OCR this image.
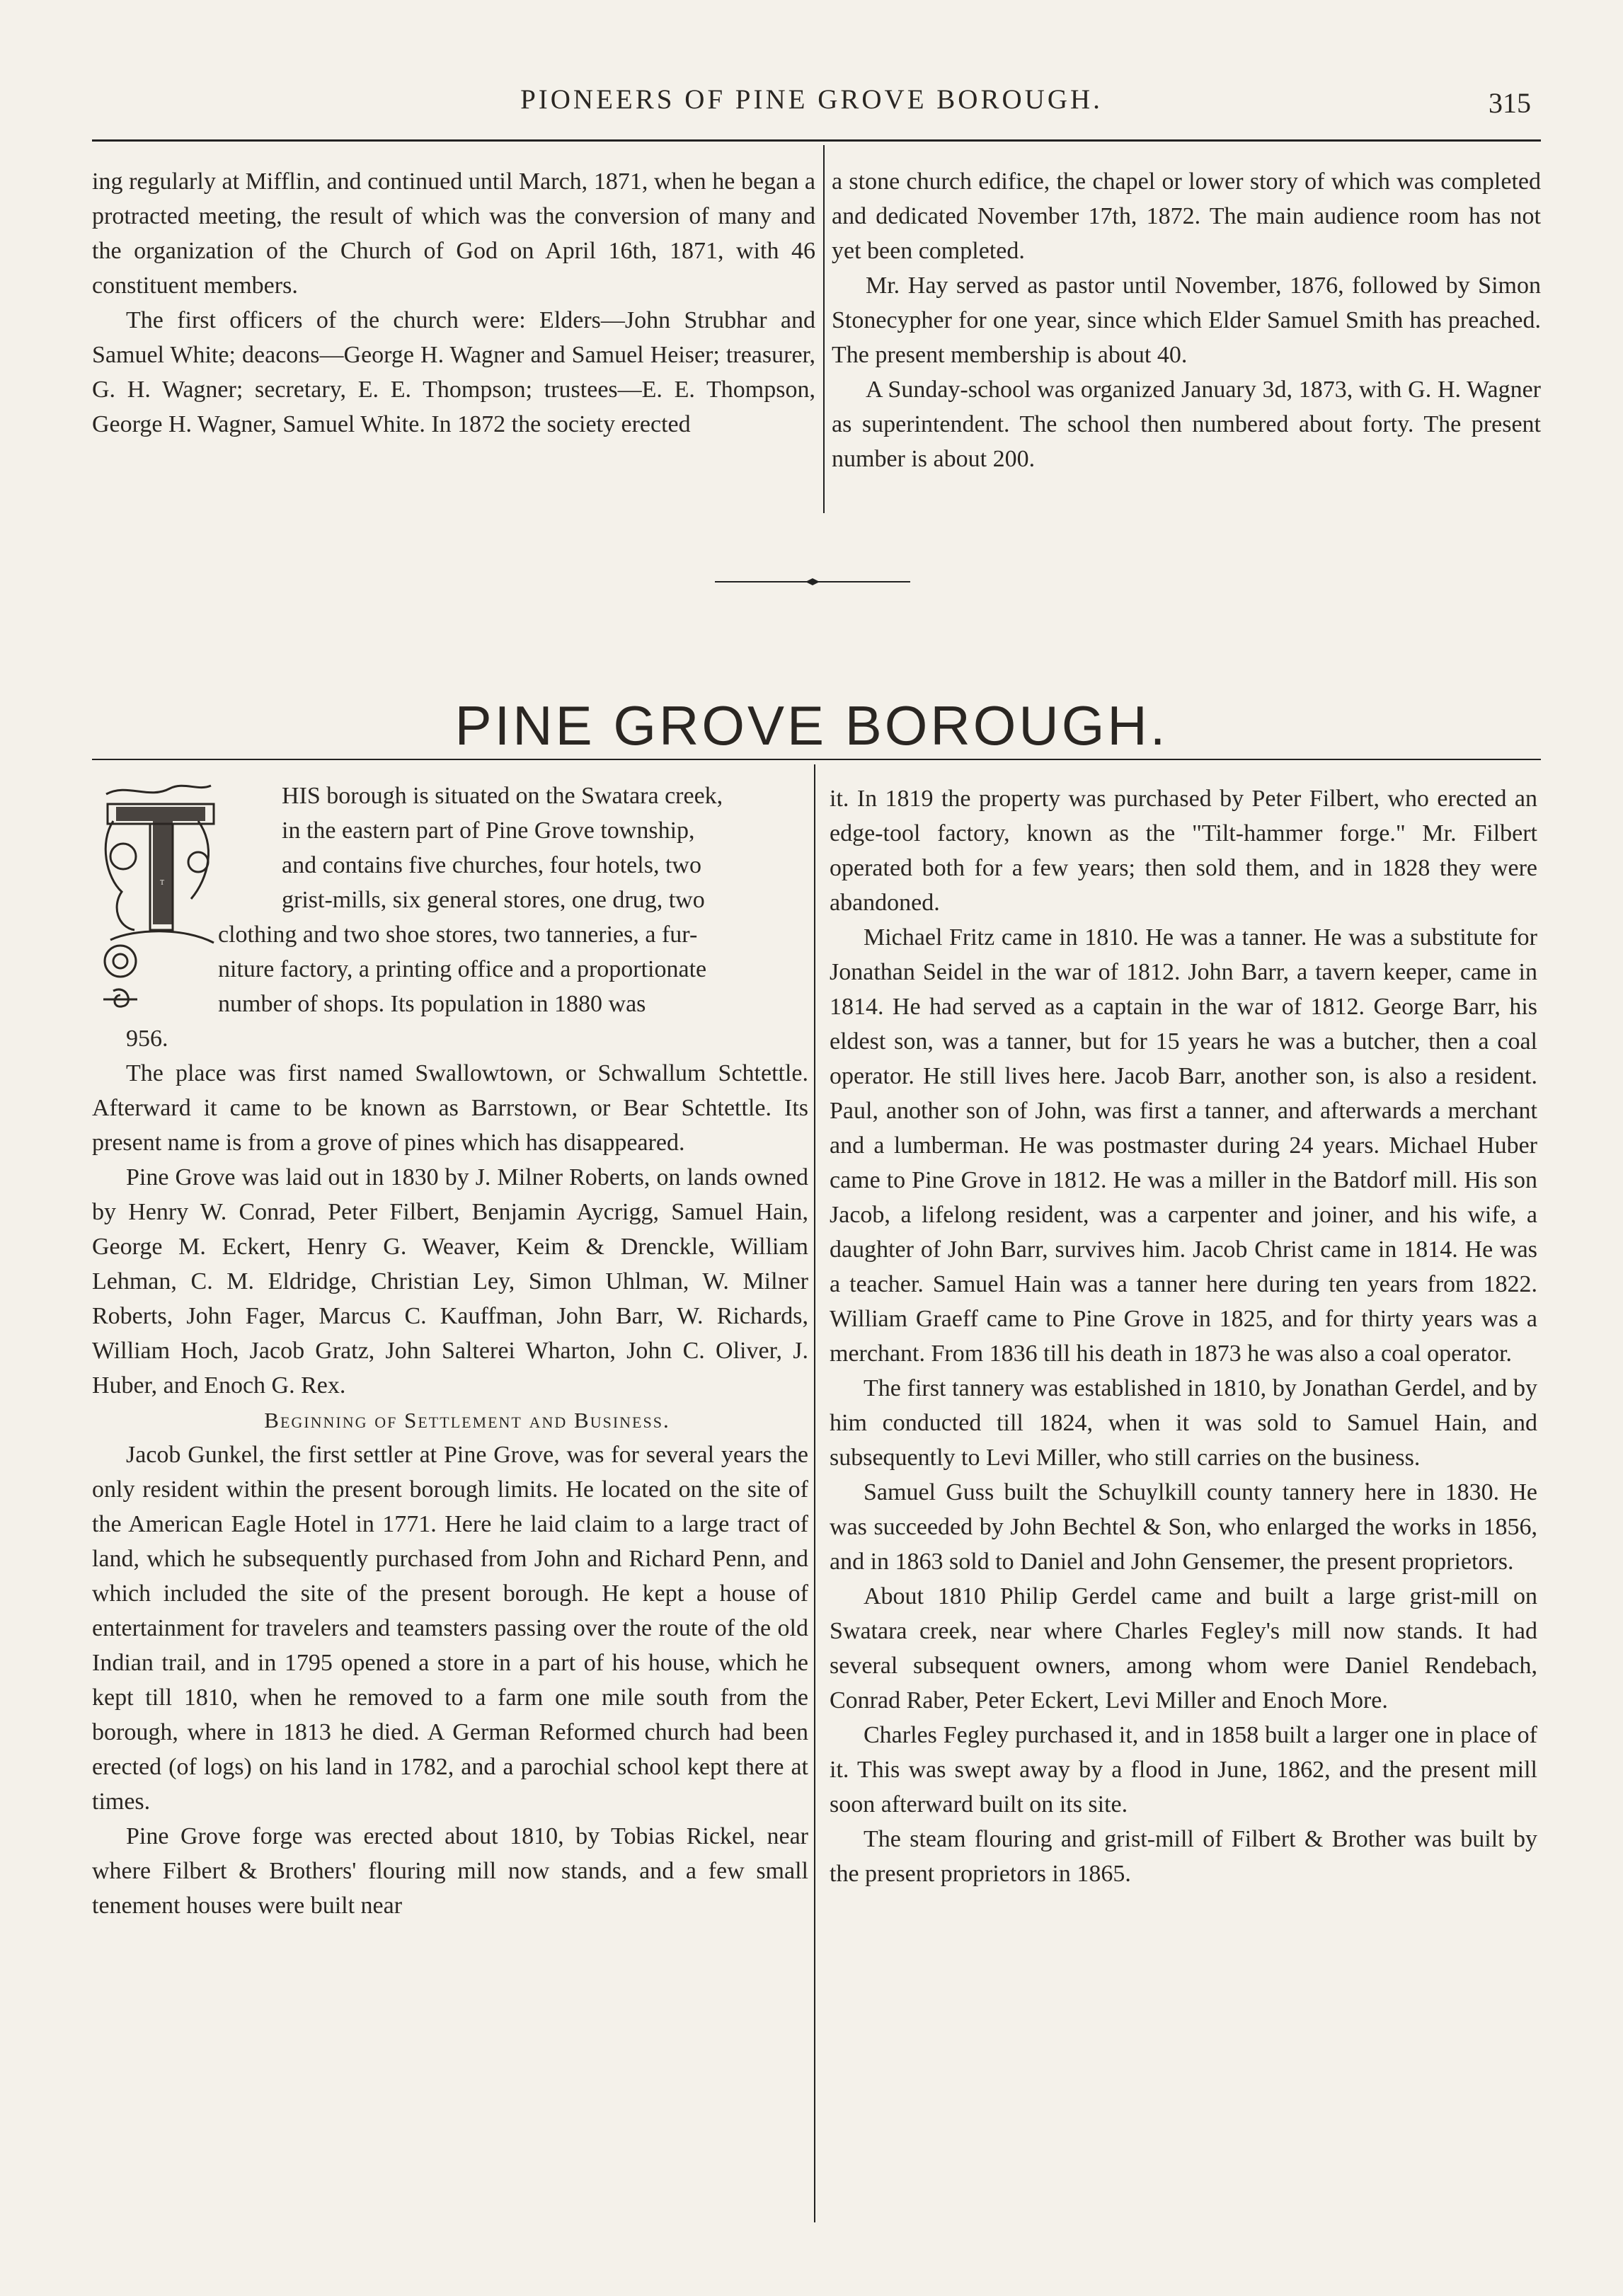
PIONEERS OF PINE GROVE BOROUGH.	315

ing regularly at Mifflin, and continued until March, 1871, when he began a protracted meeting, the result of which was the conversion of many and the organization of the Church of God on April 16th, 1871, with 46 constituent members.

The first officers of the church were: Elders—John Strubhar and Samuel White; deacons—George H. Wagner and Samuel Heiser; treasurer, G. H. Wagner; secretary, E. E. Thompson; trustees—E. E. Thompson, George H. Wagner, Samuel White. In 1872 the society erected

a stone church edifice, the chapel or lower story of which was completed and dedicated November 17th, 1872. The main audience room has not yet been completed.

Mr. Hay served as pastor until November, 1876, followed by Simon Stonecypher for one year, since which Elder Samuel Smith has preached. The present membership is about 40.

A Sunday-school was organized January 3d, 1873, with G. H. Wagner as superintendent. The school then numbered about forty. The present number is about 200.

PINE GROVE BOROUGH.
T

HIS borough is situated on the Swatara creek,
in the eastern part of Pine Grove township,
and contains five churches, four hotels, two
grist-mills, six general stores, one drug, two
clothing and two shoe stores, two tanneries, a fur-
niture factory, a printing office and a proportionate
number of shops. Its population in 1880 was
956.

The place was first named Swallowtown, or Schwallum Schtettle. Afterward it came to be known as Barrstown, or Bear Schtettle. Its present name is from a grove of pines which has disappeared.

Pine Grove was laid out in 1830 by J. Milner Roberts, on lands owned by Henry W. Conrad, Peter Filbert, Benjamin Aycrigg, Samuel Hain, George M. Eckert, Henry G. Weaver, Keim & Drenckle, William Lehman, C. M. Eldridge, Christian Ley, Simon Uhlman, W. Milner Roberts, John Fager, Marcus C. Kauffman, John Barr, W. Richards, William Hoch, Jacob Gratz, John Salterei Wharton, John C. Oliver, J. Huber, and Enoch G. Rex.

Beginning of Settlement and Business.

Jacob Gunkel, the first settler at Pine Grove, was for several years the only resident within the present borough limits. He located on the site of the American Eagle Hotel in 1771. Here he laid claim to a large tract of land, which he subsequently purchased from John and Richard Penn, and which included the site of the present borough. He kept a house of entertainment for travelers and teamsters passing over the route of the old Indian trail, and in 1795 opened a store in a part of his house, which he kept till 1810, when he removed to a farm one mile south from the borough, where in 1813 he died. A German Reformed church had been erected (of logs) on his land in 1782, and a parochial school kept there at times.

Pine Grove forge was erected about 1810, by Tobias Rickel, near where Filbert & Brothers' flouring mill now stands, and a few small tenement houses were built near

it. In 1819 the property was purchased by Peter Filbert, who erected an edge-tool factory, known as the "Tilt-hammer forge." Mr. Filbert operated both for a few years; then sold them, and in 1828 they were abandoned.

Michael Fritz came in 1810. He was a tanner. He was a substitute for Jonathan Seidel in the war of 1812. John Barr, a tavern keeper, came in 1814. He had served as a captain in the war of 1812. George Barr, his eldest son, was a tanner, but for 15 years he was a butcher, then a coal operator. He still lives here. Jacob Barr, another son, is also a resident. Paul, another son of John, was first a tanner, and afterwards a merchant and a lumberman. He was postmaster during 24 years. Michael Huber came to Pine Grove in 1812. He was a miller in the Batdorf mill. His son Jacob, a lifelong resident, was a carpenter and joiner, and his wife, a daughter of John Barr, survives him. Jacob Christ came in 1814. He was a teacher. Samuel Hain was a tanner here during ten years from 1822. William Graeff came to Pine Grove in 1825, and for thirty years was a merchant. From 1836 till his death in 1873 he was also a coal operator.

The first tannery was established in 1810, by Jonathan Gerdel, and by him conducted till 1824, when it was sold to Samuel Hain, and subsequently to Levi Miller, who still carries on the business.

Samuel Guss built the Schuylkill county tannery here in 1830. He was succeeded by John Bechtel & Son, who enlarged the works in 1856, and in 1863 sold to Daniel and John Gensemer, the present proprietors.

About 1810 Philip Gerdel came and built a large grist-mill on Swatara creek, near where Charles Fegley's mill now stands. It had several subsequent owners, among whom were Daniel Rendebach, Conrad Raber, Peter Eckert, Levi Miller and Enoch More.

Charles Fegley purchased it, and in 1858 built a larger one in place of it. This was swept away by a flood in June, 1862, and the present mill soon afterward built on its site.

The steam flouring and grist-mill of Filbert & Brother was built by the present proprietors in 1865.
